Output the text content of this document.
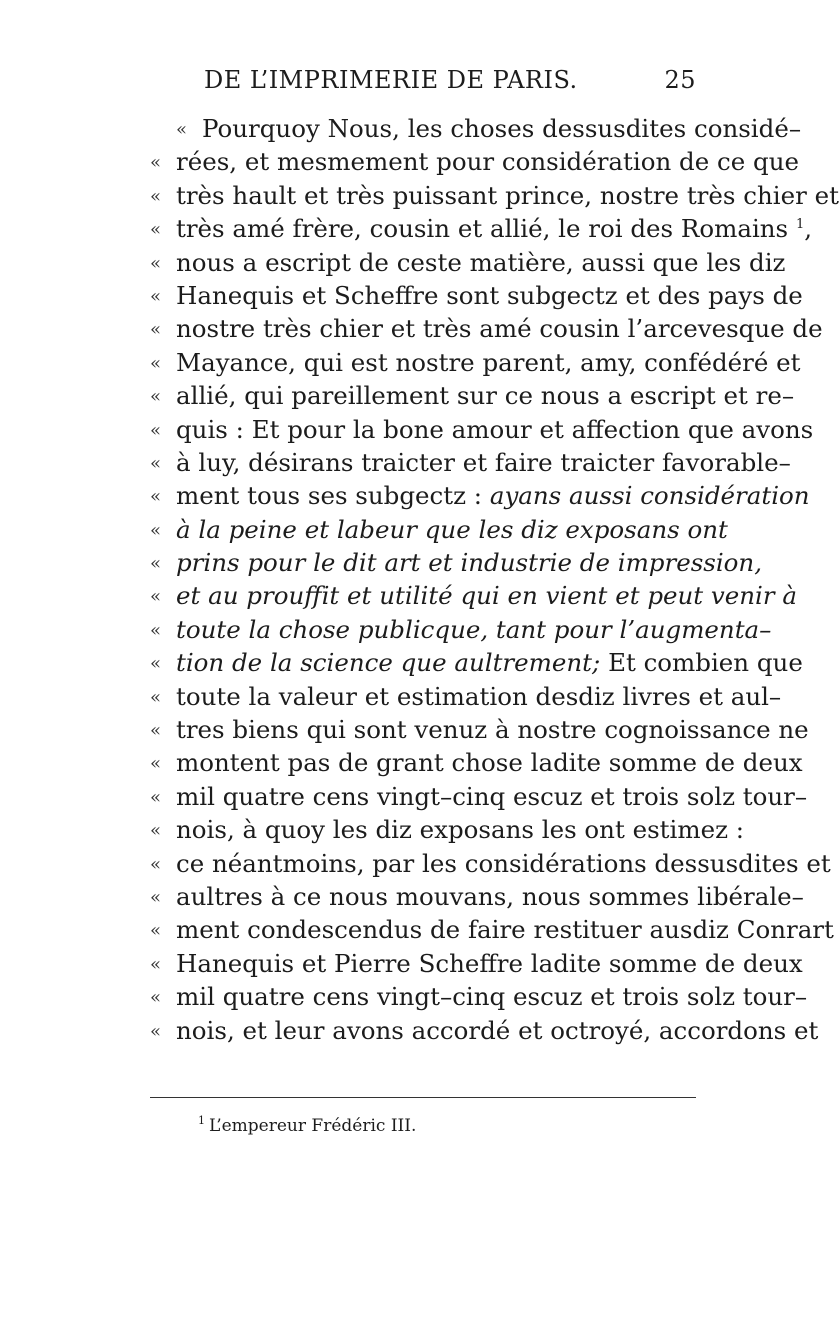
DE L’IMPRIMERIE DE PARIS.	25
« Pourquoy Nous, les choses dessusdites considé–
« rées, et mesmement pour considération de ce que
« très hault et très puissant prince, nostre très chier et
« très amé frère, cousin et allié, le roi des Romains $^1$,
« nous a escript de ceste matière, aussi que les diz
« Hanequis et Scheffre sont subgectz et des pays de
« nostre très chier et très amé cousin l’arcevesque de
« Mayance, qui est nostre parent, amy, confédéré et
« allié, qui pareillement sur ce nous a escript et re–
« quis : Et pour la bone amour et affection que avons
« à luy, désirans traicter et faire traicter favorable–
« ment tous ses subgectz : ayans aussi considération
« à la peine et labeur que les diz exposans ont
« prins pour le dit art et industrie de impression,
« et au prouffit et utilité qui en vient et peut venir à
« toute la chose publicque, tant pour l’augmenta–
« tion de la science que aultrement; Et combien que
« toute la valeur et estimation desdiz livres et aul–
« tres biens qui sont venuz à nostre cognoissance ne
« montent pas de grant chose ladite somme de deux
« mil quatre cens vingt–cinq escuz et trois solz tour–
« nois, à quoy les diz exposans les ont estimez :
« ce néantmoins, par les considérations dessusdites et
« aultres à ce nous mouvans, nous sommes libérale–
« ment condescendus de faire restituer ausdiz Conrart
« Hanequis et Pierre Scheffre ladite somme de deux
« mil quatre cens vingt–cinq escuz et trois solz tour–
« nois, et leur avons accordé et octroyé, accordons et
$^1$ L’empereur Frédéric III.
